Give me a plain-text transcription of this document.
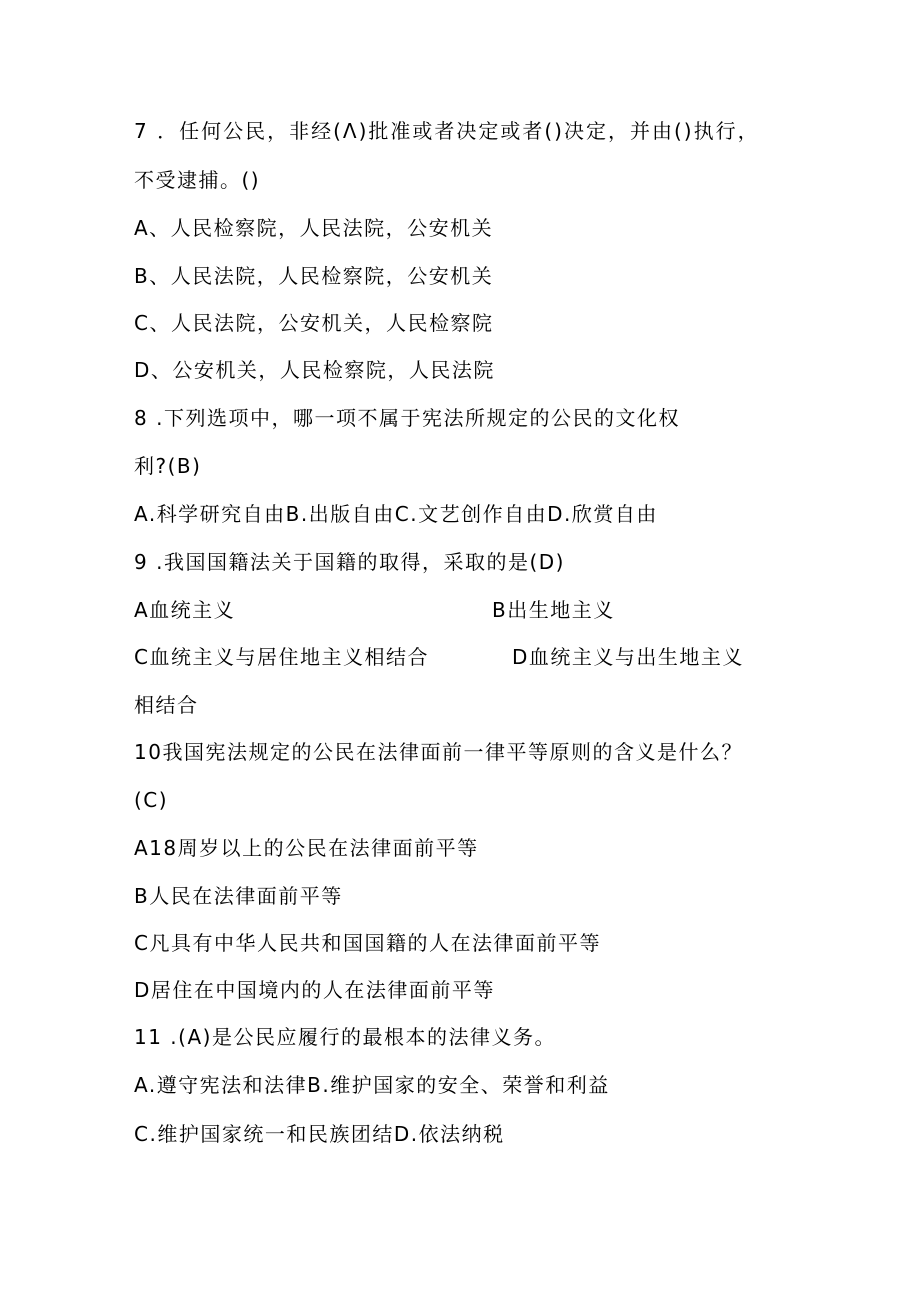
7 ．任何公民，非经(Λ)批准或者决定或者()决定，并由()执行，
不受逮捕。()
A、人民检察院，人民法院，公安机关
B、人民法院，人民检察院，公安机关
C、人民法院，公安机关，人民检察院
D、公安机关，人民检察院，人民法院
8 .下列选项中，哪一项不属于宪法所规定的公民的文化权
利?(B)
A.科学研究自由B.出版自由C.文艺创作自由D.欣赏自由
9 .我国国籍法关于国籍的取得，采取的是(D)
A血统主义	B出生地主义
C血统主义与居住地主义相结合	D血统主义与出生地主义
相结合
10我国宪法规定的公民在法律面前一律平等原则的含义是什么？
(C)
A18周岁以上的公民在法律面前平等
B人民在法律面前平等
C凡具有中华人民共和国国籍的人在法律面前平等
D居住在中国境内的人在法律面前平等
11 .(A)是公民应履行的最根本的法律义务。
A.遵守宪法和法律B.维护国家的安全、荣誉和利益
C.维护国家统一和民族团结D.依法纳税
